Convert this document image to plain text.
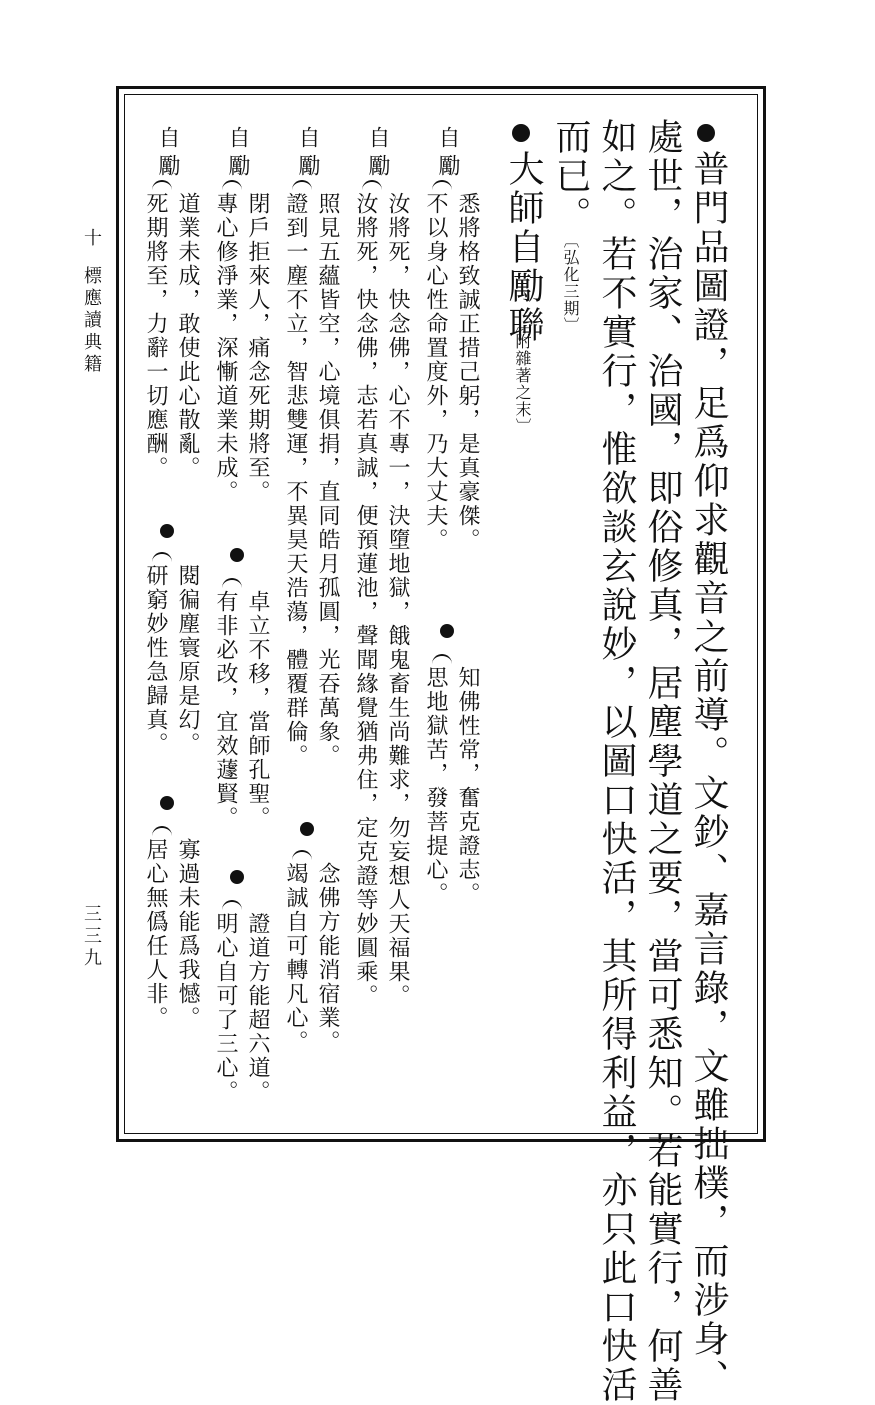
十
標應讀典籍
三三九	普門品圖證，足爲仰求觀音之前導。文鈔、嘉言錄，文雖拙樸，而涉身、
處世，治家、治國，即俗修真，居塵學道之要，當可悉知。若能實行，何善
如之。若不實行，惟欲談玄說妙，以圖口快活，其所得利益，亦只此口快活
而已。
〔弘化三期〕
大師自勵聯
〔附雜著之末〕
自勵
悉將格致誠正措己躬，是真豪傑。
不以身心性命置度外，乃大丈夫。
知佛性常，奮克證志。
思地獄苦，發菩提心。
自勵
汝將死，快念佛，心不專一，決墮地獄，餓鬼畜生尚難求，勿妄想人天福果。
汝將死，快念佛，志若真誠，便預蓮池，聲聞緣覺猶弗住，定克證等妙圓乘。
自勵
照見五蘊皆空，心境俱捐，直同皓月孤圓，光吞萬象。
證到一塵不立，智悲雙運，不異昊天浩蕩，體覆群倫。
念佛方能消宿業。
竭誠自可轉凡心。
自勵
閉戶拒來人，痛念死期將至。
專心修淨業，深慚道業未成。
卓立不移，當師孔聖。
有非必改，宜效蘧賢。
證道方能超六道。
明心自可了三心。
自勵
道業未成，敢使此心散亂。
死期將至，力辭一切應酬。
閱徧塵寰原是幻。
研窮妙性急歸真。
寡過未能爲我憾。
居心無僞任人非。
